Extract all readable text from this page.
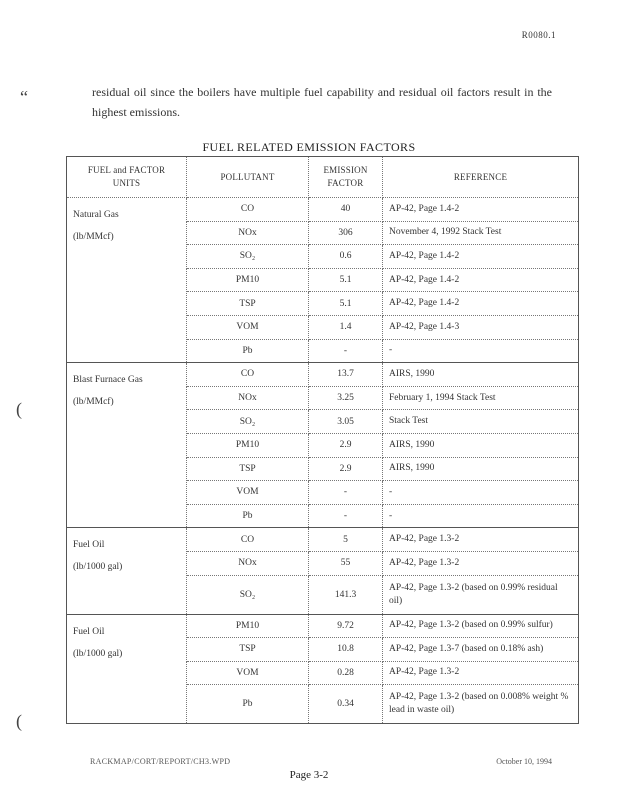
R0080.1
“
(
(
residual oil since the boilers have multiple fuel capability and residual oil factors result in the highest emissions.
FUEL RELATED EMISSION FACTORS
FUEL and FACTOR UNITS	POLLUTANT	EMISSION FACTOR	REFERENCE

Natural Gas
(lb/MMcf)	CO	40	AP-42, Page 1.4-2
	NOx	306	November 4, 1992 Stack Test
	SO₂	0.6	AP-42, Page 1.4-2
	PM10	5.1	AP-42, Page 1.4-2
	TSP	5.1	AP-42, Page 1.4-2
	VOM	1.4	AP-42, Page 1.4-3
	Pb	-	-

Blast Furnace Gas
(lb/MMcf)	CO	13.7	AIRS, 1990
	NOx	3.25	February 1, 1994 Stack Test
	SO₂	3.05	Stack Test
	PM10	2.9	AIRS, 1990
	TSP	2.9	AIRS, 1990
	VOM	-	-
	Pb	-	-

Fuel Oil
(lb/1000 gal)	CO	5	AP-42, Page 1.3-2
	NOx	55	AP-42, Page 1.3-2
	SO₂	141.3	AP-42, Page 1.3-2 (based on 0.99% residual oil)

Fuel Oil
(lb/1000 gal)	PM10	9.72	AP-42, Page 1.3-2 (based on 0.99% sulfur)
	TSP	10.8	AP-42, Page 1.3-7 (based on 0.18% ash)
	VOM	0.28	AP-42, Page 1.3-2
	Pb	0.34	AP-42, Page 1.3-2 (based on 0.008% weight % lead in waste oil)
RACKMAP/CORT/REPORT/CH3.WPD	October 10, 1994
Page 3-2
